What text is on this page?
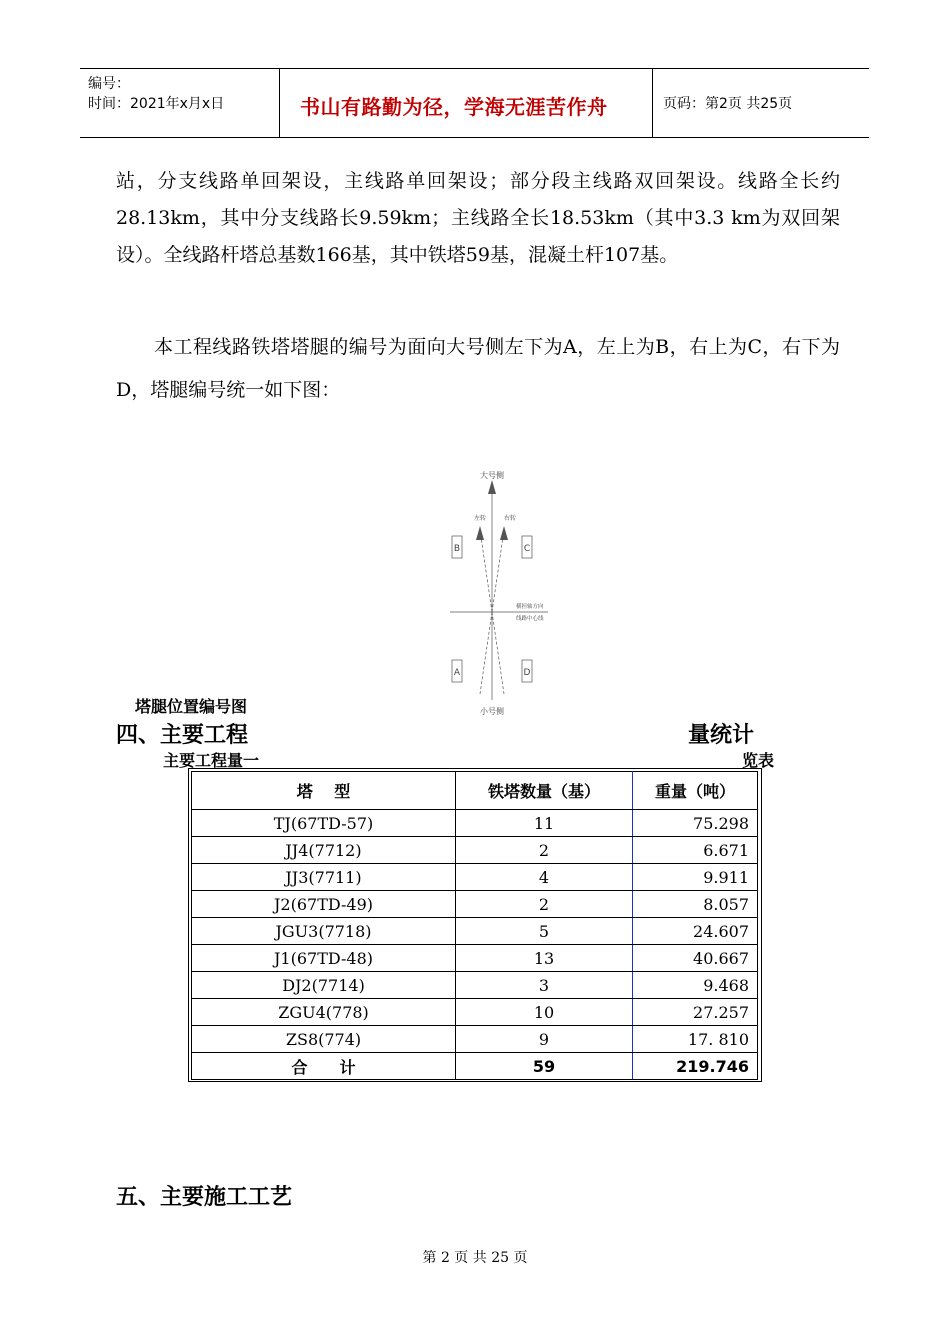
编号：
时间：2021年x月x日	书山有路勤为径，学海无涯苦作舟	页码：第2页 共25页
站，分支线路单回架设，主线路单回架设；部分段主线路双回架设。线路全长约28.13km，其中分支线路长9.59km；主线路全长18.53km（其中3.3 km为双回架设）。全线路杆塔总基数166基，其中铁塔59基，混凝土杆107基。
本工程线路铁塔塔腿的编号为面向大号侧左下为A，左上为B，右上为C，右下为D，塔腿编号统一如下图：
大号侧
左转	右转
横担轴方向
线路中心线
B	C
A	D
小号侧
塔腿位置编号图
四、主要工程	量统计
主要工程量一	览表
塔　 型	铁塔数量（基）	重量（吨）
TJ(67TD-57)	11	75.298
JJ4(7712)	2	6.671
JJ3(7711)	4	9.911
J2(67TD-49)	2	8.057
JGU3(7718)	5	24.607
J1(67TD-48)	13	40.667
DJ2(7714)	3	9.468
ZGU4(778)	10	27.257
ZS8(774)	9	17. 810
合　　计	59	219.746
五、主要施工工艺
第 2 页 共 25 页
